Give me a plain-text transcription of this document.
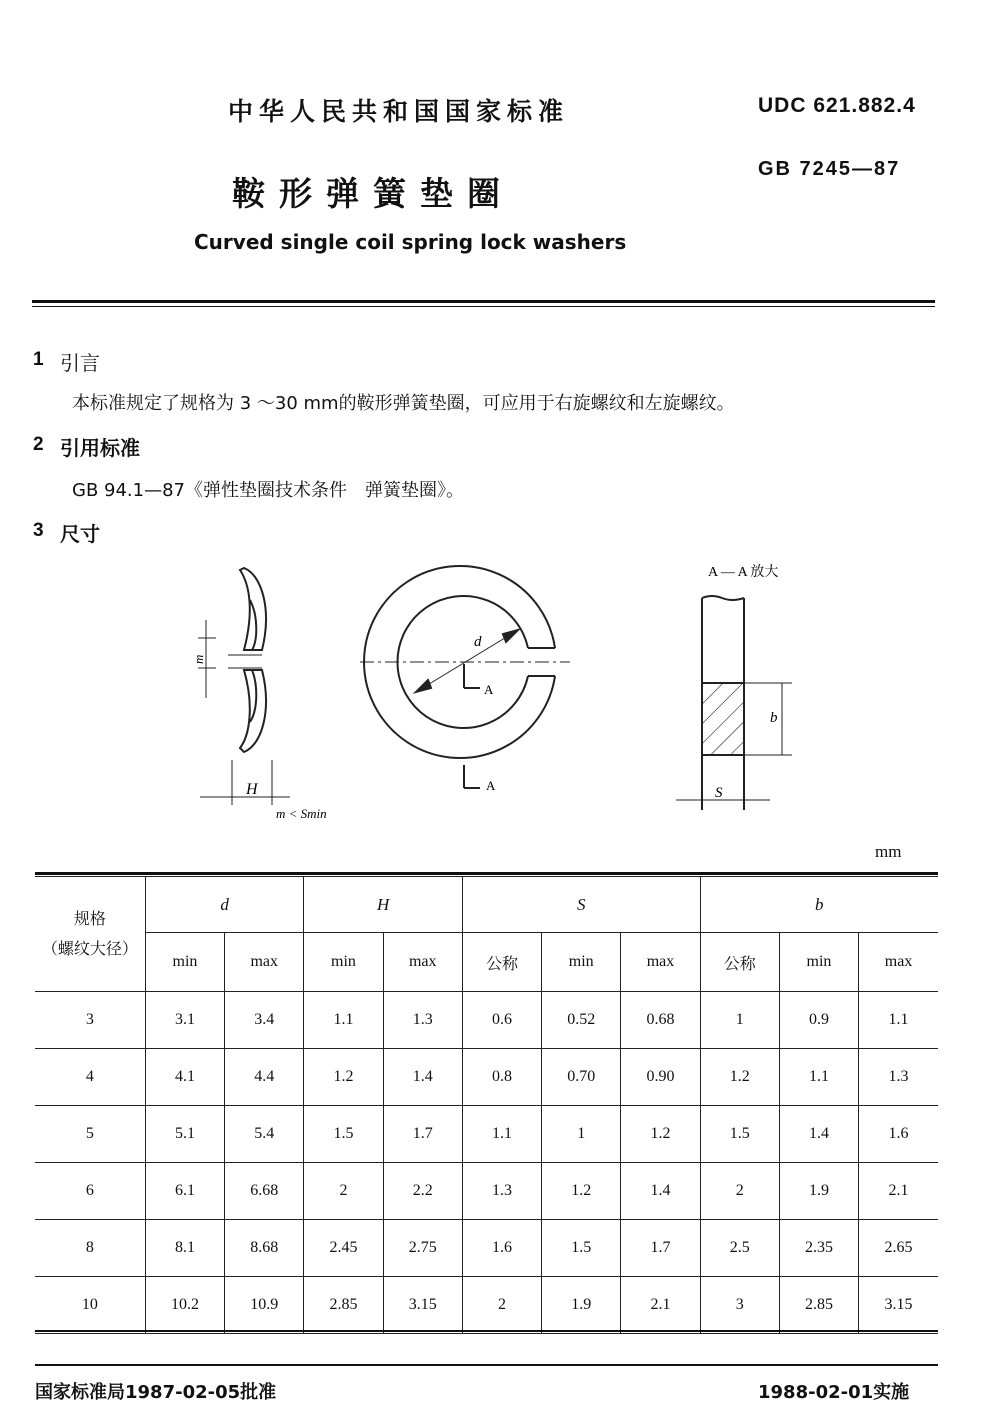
中华人民共和国国家标准	UDC 621.882.4
鞍形弹簧垫圈
GB 7245—87
Curved single coil spring lock washers
1 引言
本标准规定了规格为 3 ～30 mm的鞍形弹簧垫圈，可应用于右旋螺纹和左旋螺纹。
2 引用标准
GB 94.1—87《弹性垫圈技术条件　弹簧垫圈》。
3 尺寸
m
H
m < Smin
d
A
A
A — A 放大
b
S
mm
规格
（螺纹大径）	d		H		S			b		
	min	max	min	max	公称	min	max	公称	min	max
3	3.1	3.4	1.1	1.3	0.6	0.52	0.68	1	0.9	1.1
4	4.1	4.4	1.2	1.4	0.8	0.70	0.90	1.2	1.1	1.3
5	5.1	5.4	1.5	1.7	1.1	1	1.2	1.5	1.4	1.6
6	6.1	6.68	2	2.2	1.3	1.2	1.4	2	1.9	2.1
8	8.1	8.68	2.45	2.75	1.6	1.5	1.7	2.5	2.35	2.65
10	10.2	10.9	2.85	3.15	2	1.9	2.1	3	2.85	3.15
国家标准局1987-02-05批准	1988-02-01实施
